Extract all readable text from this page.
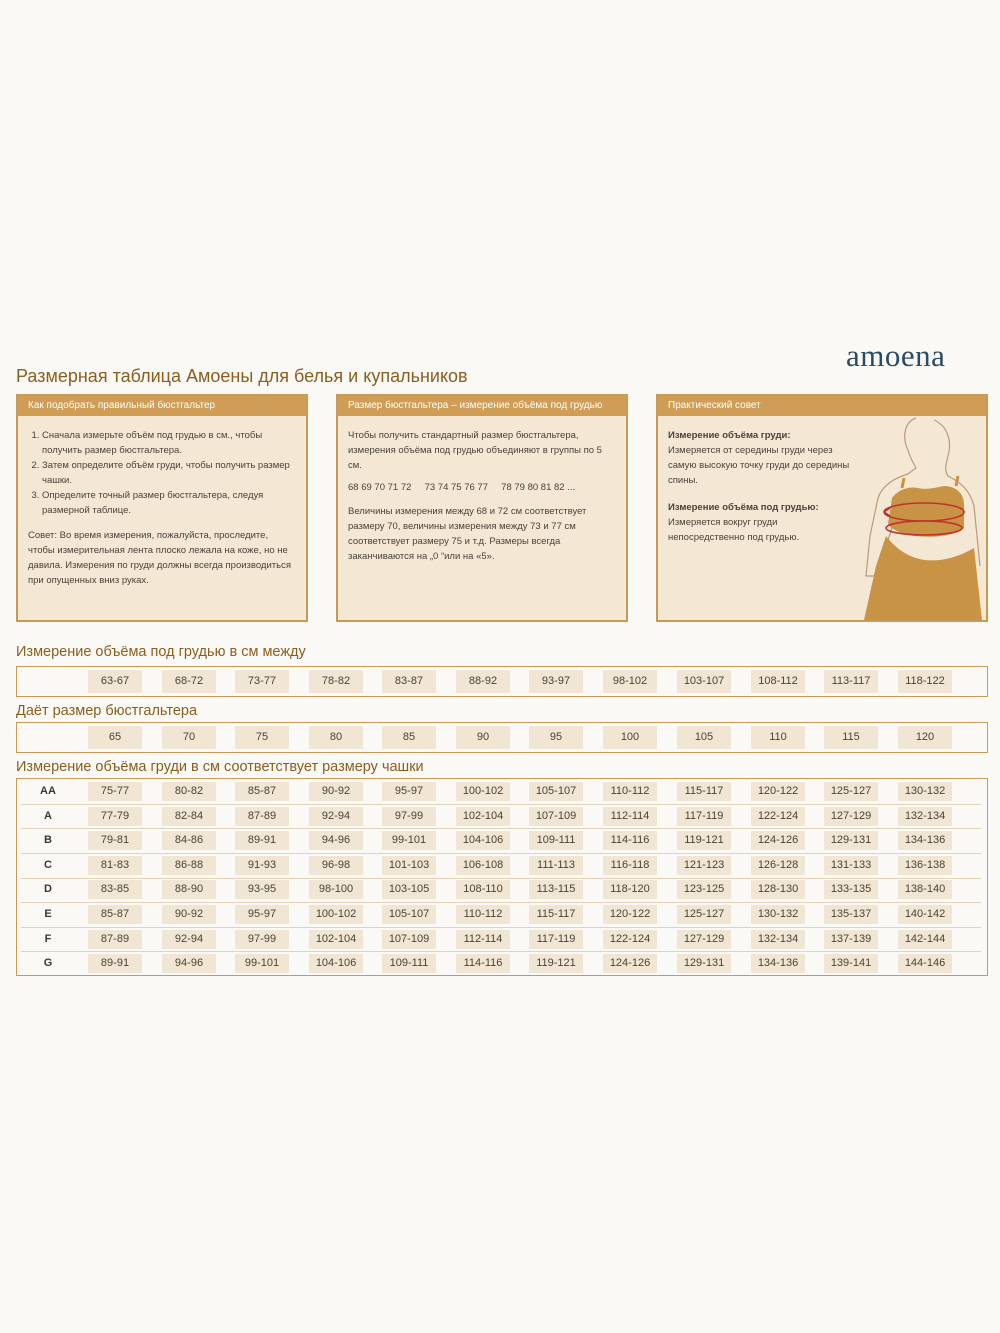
amoena
Размерная таблица Амоены для белья и купальников
Как подобрать правильный бюстгальтер
1. Сначала измерьте объём под грудью в см., чтобы получить размер бюстгальтера.
2. Затем определите объём груди, чтобы получить размер чашки.
3. Определите точный размер бюстгальтера, следуя размерной таблице.
Совет: Во время измерения, пожалуйста, проследите, чтобы измерительная лента плоско лежала на коже, но не давила. Измерения по груди должны всегда производиться при опущенных вниз руках.
Размер бюстгальтера – измерение объёма под грудью

Чтобы получить стандартный размер бюстгальтера, измерения объёма под грудью объединяют в группы по 5 см.

68 69 70 71 72     73 74 75 76 77     78 79 80 81 82 ...

Величины измерения между 68 и 72 см соответствует размеру 70, величины измерения между 73 и 77 см соответствует размеру 75 и т.д. Размеры всегда заканчиваются на „0 “или на «5».

Практический совет
Измерение объёма груди:
Измеряется от середины груди через самую высокую точку груди до середины спины.
Измерение объёма под грудью:
Измеряется вокруг груди непосредственно под грудью.
Измерение объёма под грудью в см между
63-67	68-72	73-77	78-82	83-87	88-92	93-97	98-102	103-107	108-112	113-117	118-122
Даёт размер бюстгальтера
65	70	75	80	85	90	95	100	105	110	115	120
Измерение объёма груди в см соответствует размеру чашки
AA	75-77	80-82	85-87	90-92	95-97	100-102	105-107	110-112	115-117	120-122	125-127	130-132
A	77-79	82-84	87-89	92-94	97-99	102-104	107-109	112-114	117-119	122-124	127-129	132-134
B	79-81	84-86	89-91	94-96	99-101	104-106	109-111	114-116	119-121	124-126	129-131	134-136
C	81-83	86-88	91-93	96-98	101-103	106-108	111-113	116-118	121-123	126-128	131-133	136-138
D	83-85	88-90	93-95	98-100	103-105	108-110	113-115	118-120	123-125	128-130	133-135	138-140
E	85-87	90-92	95-97	100-102	105-107	110-112	115-117	120-122	125-127	130-132	135-137	140-142
F	87-89	92-94	97-99	102-104	107-109	112-114	117-119	122-124	127-129	132-134	137-139	142-144
G	89-91	94-96	99-101	104-106	109-111	114-116	119-121	124-126	129-131	134-136	139-141	144-146
